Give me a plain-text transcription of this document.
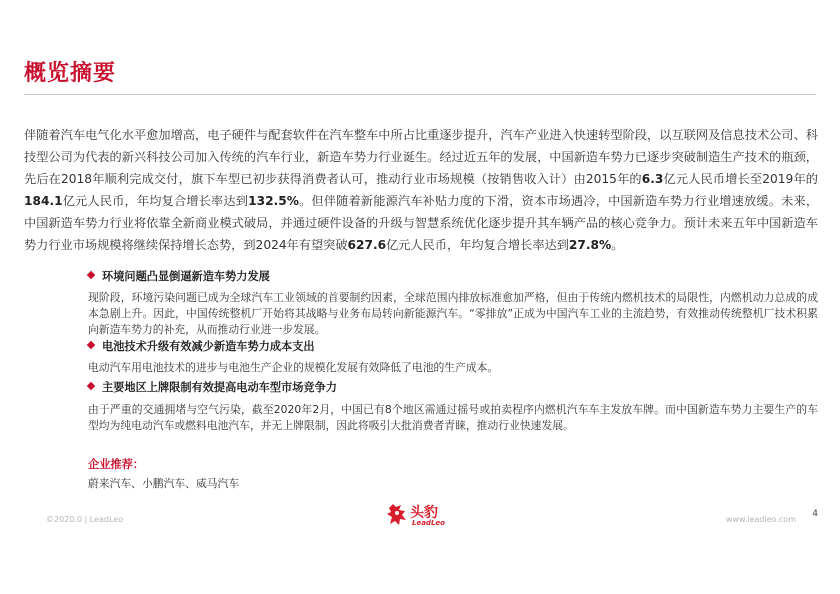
概览摘要
伴随着汽车电气化水平愈加增高，电子硬件与配套软件在汽车整车中所占比重逐步提升，汽车产业进入快速转型阶段，以互联网及信息技术公司、科技型公司为代表的新兴科技公司加入传统的汽车行业，新造车势力行业诞生。经过近五年的发展，中国新造车势力已逐步突破制造生产技术的瓶颈，先后在2018年顺利完成交付，旗下车型已初步获得消费者认可，推动行业市场规模（按销售收入计）由2015年的6.3亿元人民币增长至2019年的184.1亿元人民币，年均复合增长率达到132.5%。但伴随着新能源汽车补贴力度的下滑，资本市场遇冷，中国新造车势力行业增速放缓。未来，中国新造车势力行业将依靠全新商业模式破局，并通过硬件设备的升级与智慧系统优化逐步提升其车辆产品的核心竞争力。预计未来五年中国新造车势力行业市场规模将继续保持增长态势，到2024年有望突破627.6亿元人民币，年均复合增长率达到27.8%。
环境问题凸显倒逼新造车势力发展
现阶段，环境污染问题已成为全球汽车工业领域的首要制约因素，全球范围内排放标准愈加严格，但由于传统内燃机技术的局限性，内燃机动力总成的成本急剧上升。因此，中国传统整机厂开始将其战略与业务布局转向新能源汽车。“零排放”正成为中国汽车工业的主流趋势，有效推动传统整机厂技术积累向新造车势力的补充，从而推动行业进一步发展。
电池技术升级有效减少新造车势力成本支出
电动汽车用电池技术的进步与电池生产企业的规模化发展有效降低了电池的生产成本。
主要地区上牌限制有效提高电动车型市场竞争力
由于严重的交通拥堵与空气污染，截至2020年2月，中国已有8个地区需通过摇号或拍卖程序内燃机汽车车主发放车牌。而中国新造车势力主要生产的车型均为纯电动汽车或燃料电池汽车，并无上牌限制，因此将吸引大批消费者青睐，推动行业快速发展。
企业推荐：
蔚来汽车、小鹏汽车、威马汽车
©2020.0 | LeadLeo	头豹
LeadLeo	www.leadleo.com
4
